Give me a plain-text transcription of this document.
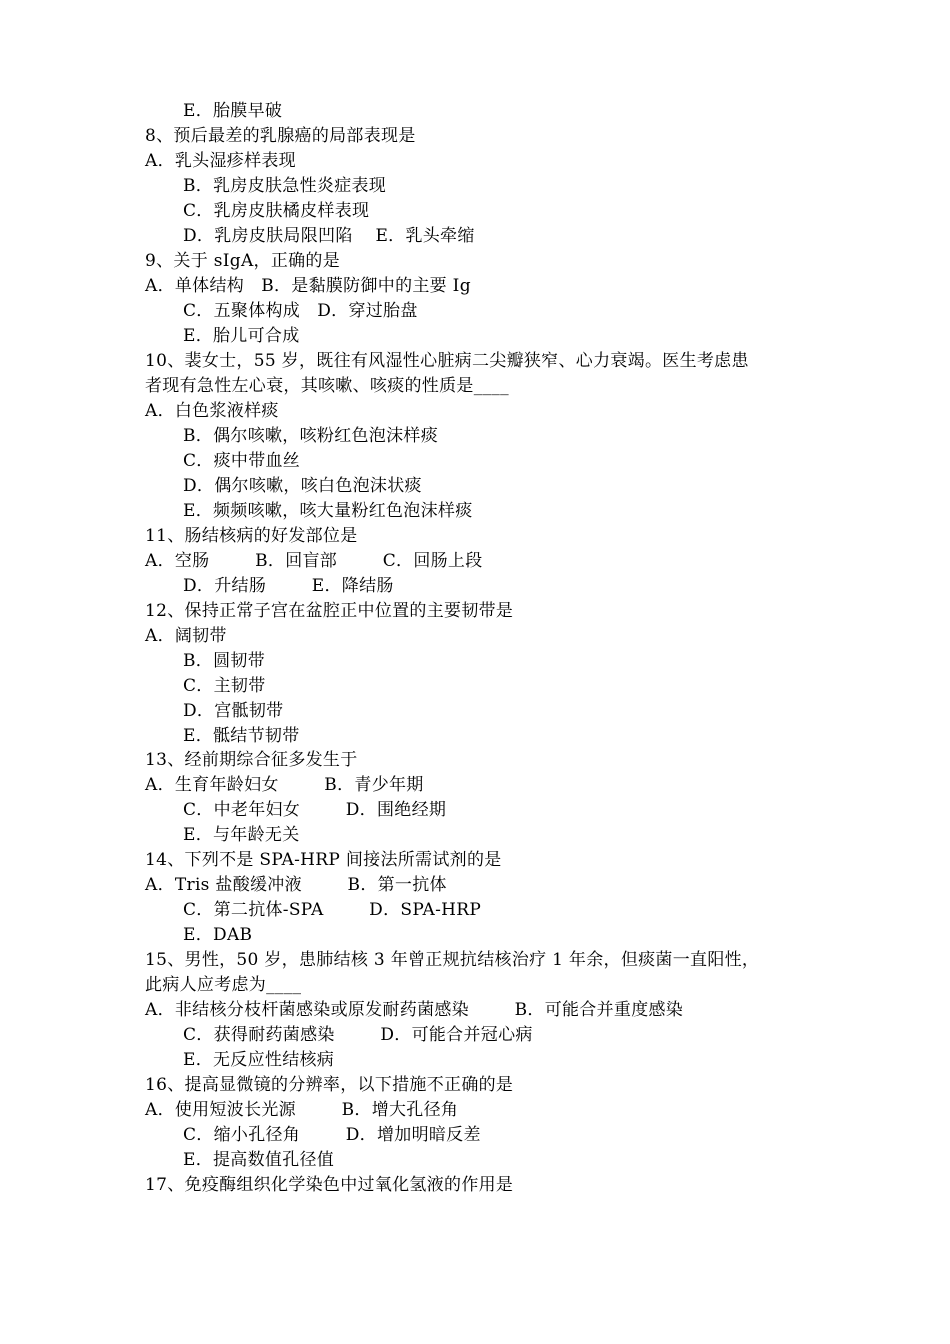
E．胎膜早破
8、预后最差的乳腺癌的局部表现是
A．乳头湿疹样表现
B．乳房皮肤急性炎症表现
C．乳房皮肤橘皮样表现
D．乳房皮肤局限凹陷    E．乳头牵缩
9、关于 sIgA，正确的是
A．单体结构   B．是黏膜防御中的主要 Ig
C．五聚体构成   D．穿过胎盘
E．胎儿可合成
10、裴女士，55 岁，既往有风湿性心脏病二尖瓣狭窄、心力衰竭。医生考虑患
者现有急性左心衰，其咳嗽、咳痰的性质是____
A．白色浆液样痰
B．偶尔咳嗽，咳粉红色泡沫样痰
C．痰中带血丝
D．偶尔咳嗽，咳白色泡沫状痰
E．频频咳嗽，咳大量粉红色泡沫样痰
11、肠结核病的好发部位是
A．空肠        B．回盲部        C．回肠上段
D．升结肠        E．降结肠
12、保持正常子宫在盆腔正中位置的主要韧带是
A．阔韧带
B．圆韧带
C．主韧带
D．宫骶韧带
E．骶结节韧带
13、经前期综合征多发生于
A．生育年龄妇女        B．青少年期
C．中老年妇女        D．围绝经期
E．与年龄无关
14、下列不是 SPA-HRP 间接法所需试剂的是
A．Tris 盐酸缓冲液        B．第一抗体
C．第二抗体-SPA        D．SPA-HRP
E．DAB
15、男性，50 岁，患肺结核 3 年曾正规抗结核治疗 1 年余，但痰菌一直阳性，
此病人应考虑为____
A．非结核分枝杆菌感染或原发耐药菌感染        B．可能合并重度感染
C．获得耐药菌感染        D．可能合并冠心病
E．无反应性结核病
16、提高显微镜的分辨率，以下措施不正确的是
A．使用短波长光源        B．增大孔径角
C．缩小孔径角        D．增加明暗反差
E．提高数值孔径值
17、免疫酶组织化学染色中过氧化氢液的作用是
